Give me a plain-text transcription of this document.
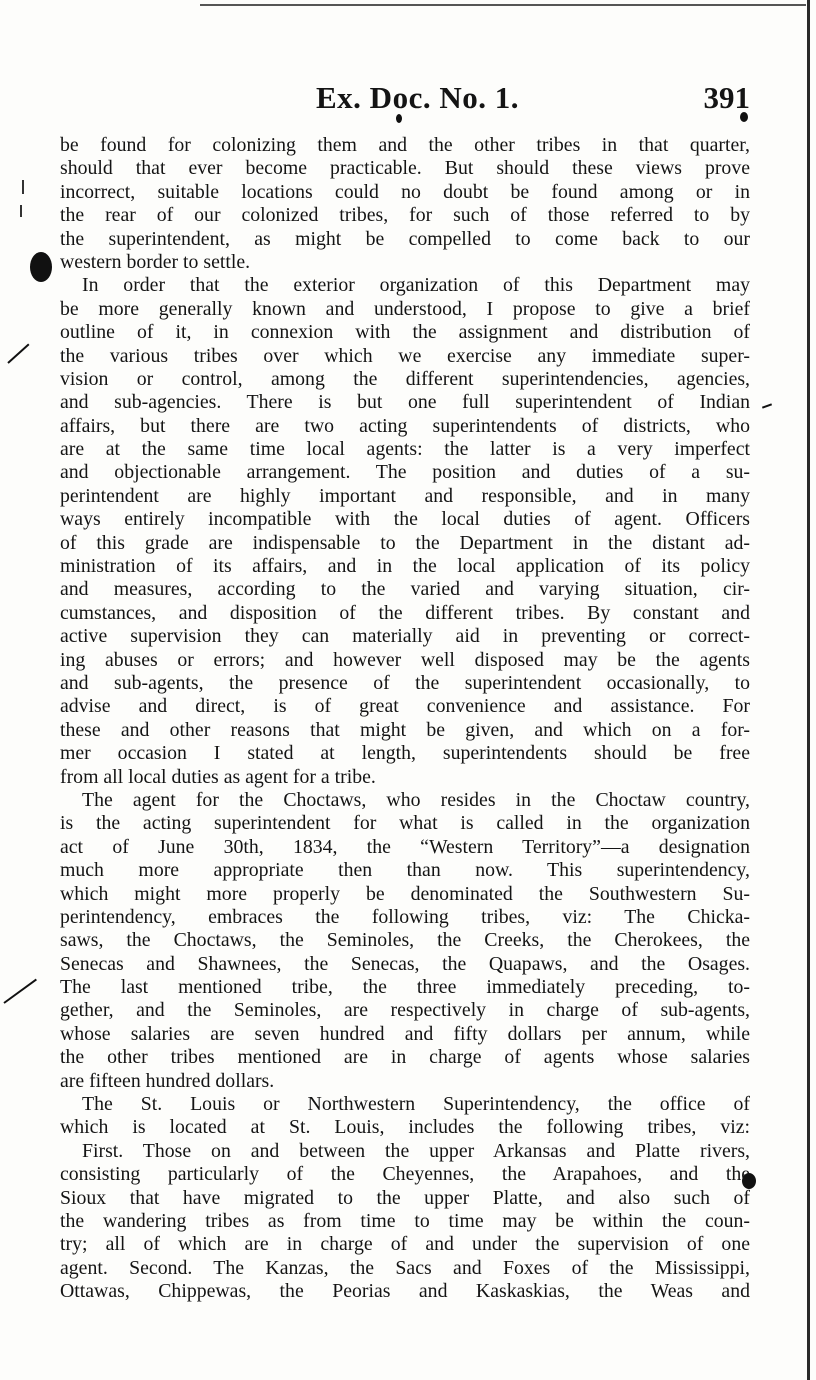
Ex. Doc. No. 1.	391
be found for colonizing them and the other tribes in that quarter,
should that ever become practicable. But should these views prove
incorrect, suitable locations could no doubt be found among or in
the rear of our colonized tribes, for such of those referred to by
the superintendent, as might be compelled to come back to our
western border to settle.
In order that the exterior organization of this Department may
be more generally known and understood, I propose to give a brief
outline of it, in connexion with the assignment and distribution of
the various tribes over which we exercise any immediate super-
vision or control, among the different superintendencies, agencies,
and sub-agencies. There is but one full superintendent of Indian
affairs, but there are two acting superintendents of districts, who
are at the same time local agents: the latter is a very imperfect
and objectionable arrangement. The position and duties of a su-
perintendent are highly important and responsible, and in many
ways entirely incompatible with the local duties of agent. Officers
of this grade are indispensable to the Department in the distant ad-
ministration of its affairs, and in the local application of its policy
and measures, according to the varied and varying situation, cir-
cumstances, and disposition of the different tribes. By constant and
active supervision they can materially aid in preventing or correct-
ing abuses or errors; and however well disposed may be the agents
and sub-agents, the presence of the superintendent occasionally, to
advise and direct, is of great convenience and assistance. For
these and other reasons that might be given, and which on a for-
mer occasion I stated at length, superintendents should be free
from all local duties as agent for a tribe.
The agent for the Choctaws, who resides in the Choctaw country,
is the acting superintendent for what is called in the organization
act of June 30th, 1834, the “Western Territory”—a designation
much more appropriate then than now. This superintendency,
which might more properly be denominated the Southwestern Su-
perintendency, embraces the following tribes, viz: The Chicka-
saws, the Choctaws, the Seminoles, the Creeks, the Cherokees, the
Senecas and Shawnees, the Senecas, the Quapaws, and the Osages.
The last mentioned tribe, the three immediately preceding, to-
gether, and the Seminoles, are respectively in charge of sub-agents,
whose salaries are seven hundred and fifty dollars per annum, while
the other tribes mentioned are in charge of agents whose salaries
are fifteen hundred dollars.
The St. Louis or Northwestern Superintendency, the office of
which is located at St. Louis, includes the following tribes, viz:
First. Those on and between the upper Arkansas and Platte rivers,
consisting particularly of the Cheyennes, the Arapahoes, and the
Sioux that have migrated to the upper Platte, and also such of
the wandering tribes as from time to time may be within the coun-
try; all of which are in charge of and under the supervision of one
agent. Second. The Kanzas, the Sacs and Foxes of the Mississippi,
Ottawas, Chippewas, the Peorias and Kaskaskias, the Weas and
